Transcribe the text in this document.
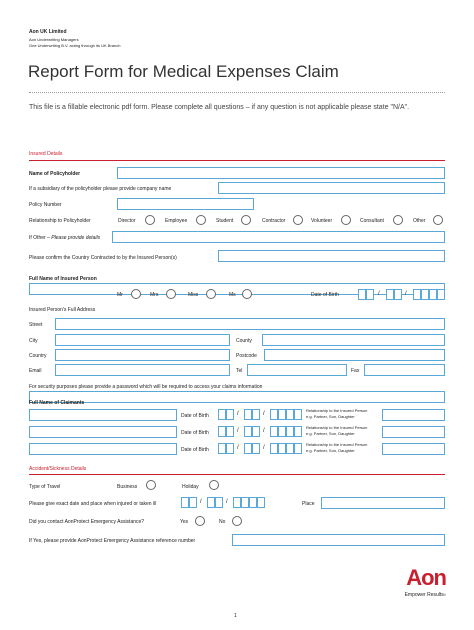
Aon UK Limited
Aon Underwriting Managers
One Underwriting B.V. acting through its UK Branch
Report Form for Medical Expenses Claim
This file is a fillable electronic pdf form. Please complete all questions – if any question is not applicable please state "N/A".
Insured Details
Name of Policyholder
If a subsidiary of the policyholder please provide company name
Policy Number
Relationship to Policyholder	Director	Employee	Student	Contractor	Volunteer	Consultant	Other
If Other – Please provide details
Please confirm the Country Contracted to by the Insured Person(s)
Full Name of Insured Person
Mr	Mrs	Miss	Ms	Date of Birth	/	/
Insured Person's Full Address
Street
City	County
Country	Postcode
Email	Tel	Fax
For security purposes please provide a password which will be required to access your claims information
Full Name of Claimants
Date of Birth	/	/
Relationship to the Insured Person
e.g. Partner, Son, Daughter
Date of Birth	/	/
Relationship to the Insured Person
e.g. Partner, Son, Daughter
Date of Birth	/	/
Relationship to the Insured Person
e.g. Partner, Son, Daughter
Accident/Sickness Details
Type of Travel	Business	Holiday
Please give exact date and place when injured or taken ill	/	/	Place
Did you contact AonProtect Emergency Assistance?	Yes	No
If Yes, please provide AonProtect Emergency Assistance reference number
Aon
Empower Results®
1
